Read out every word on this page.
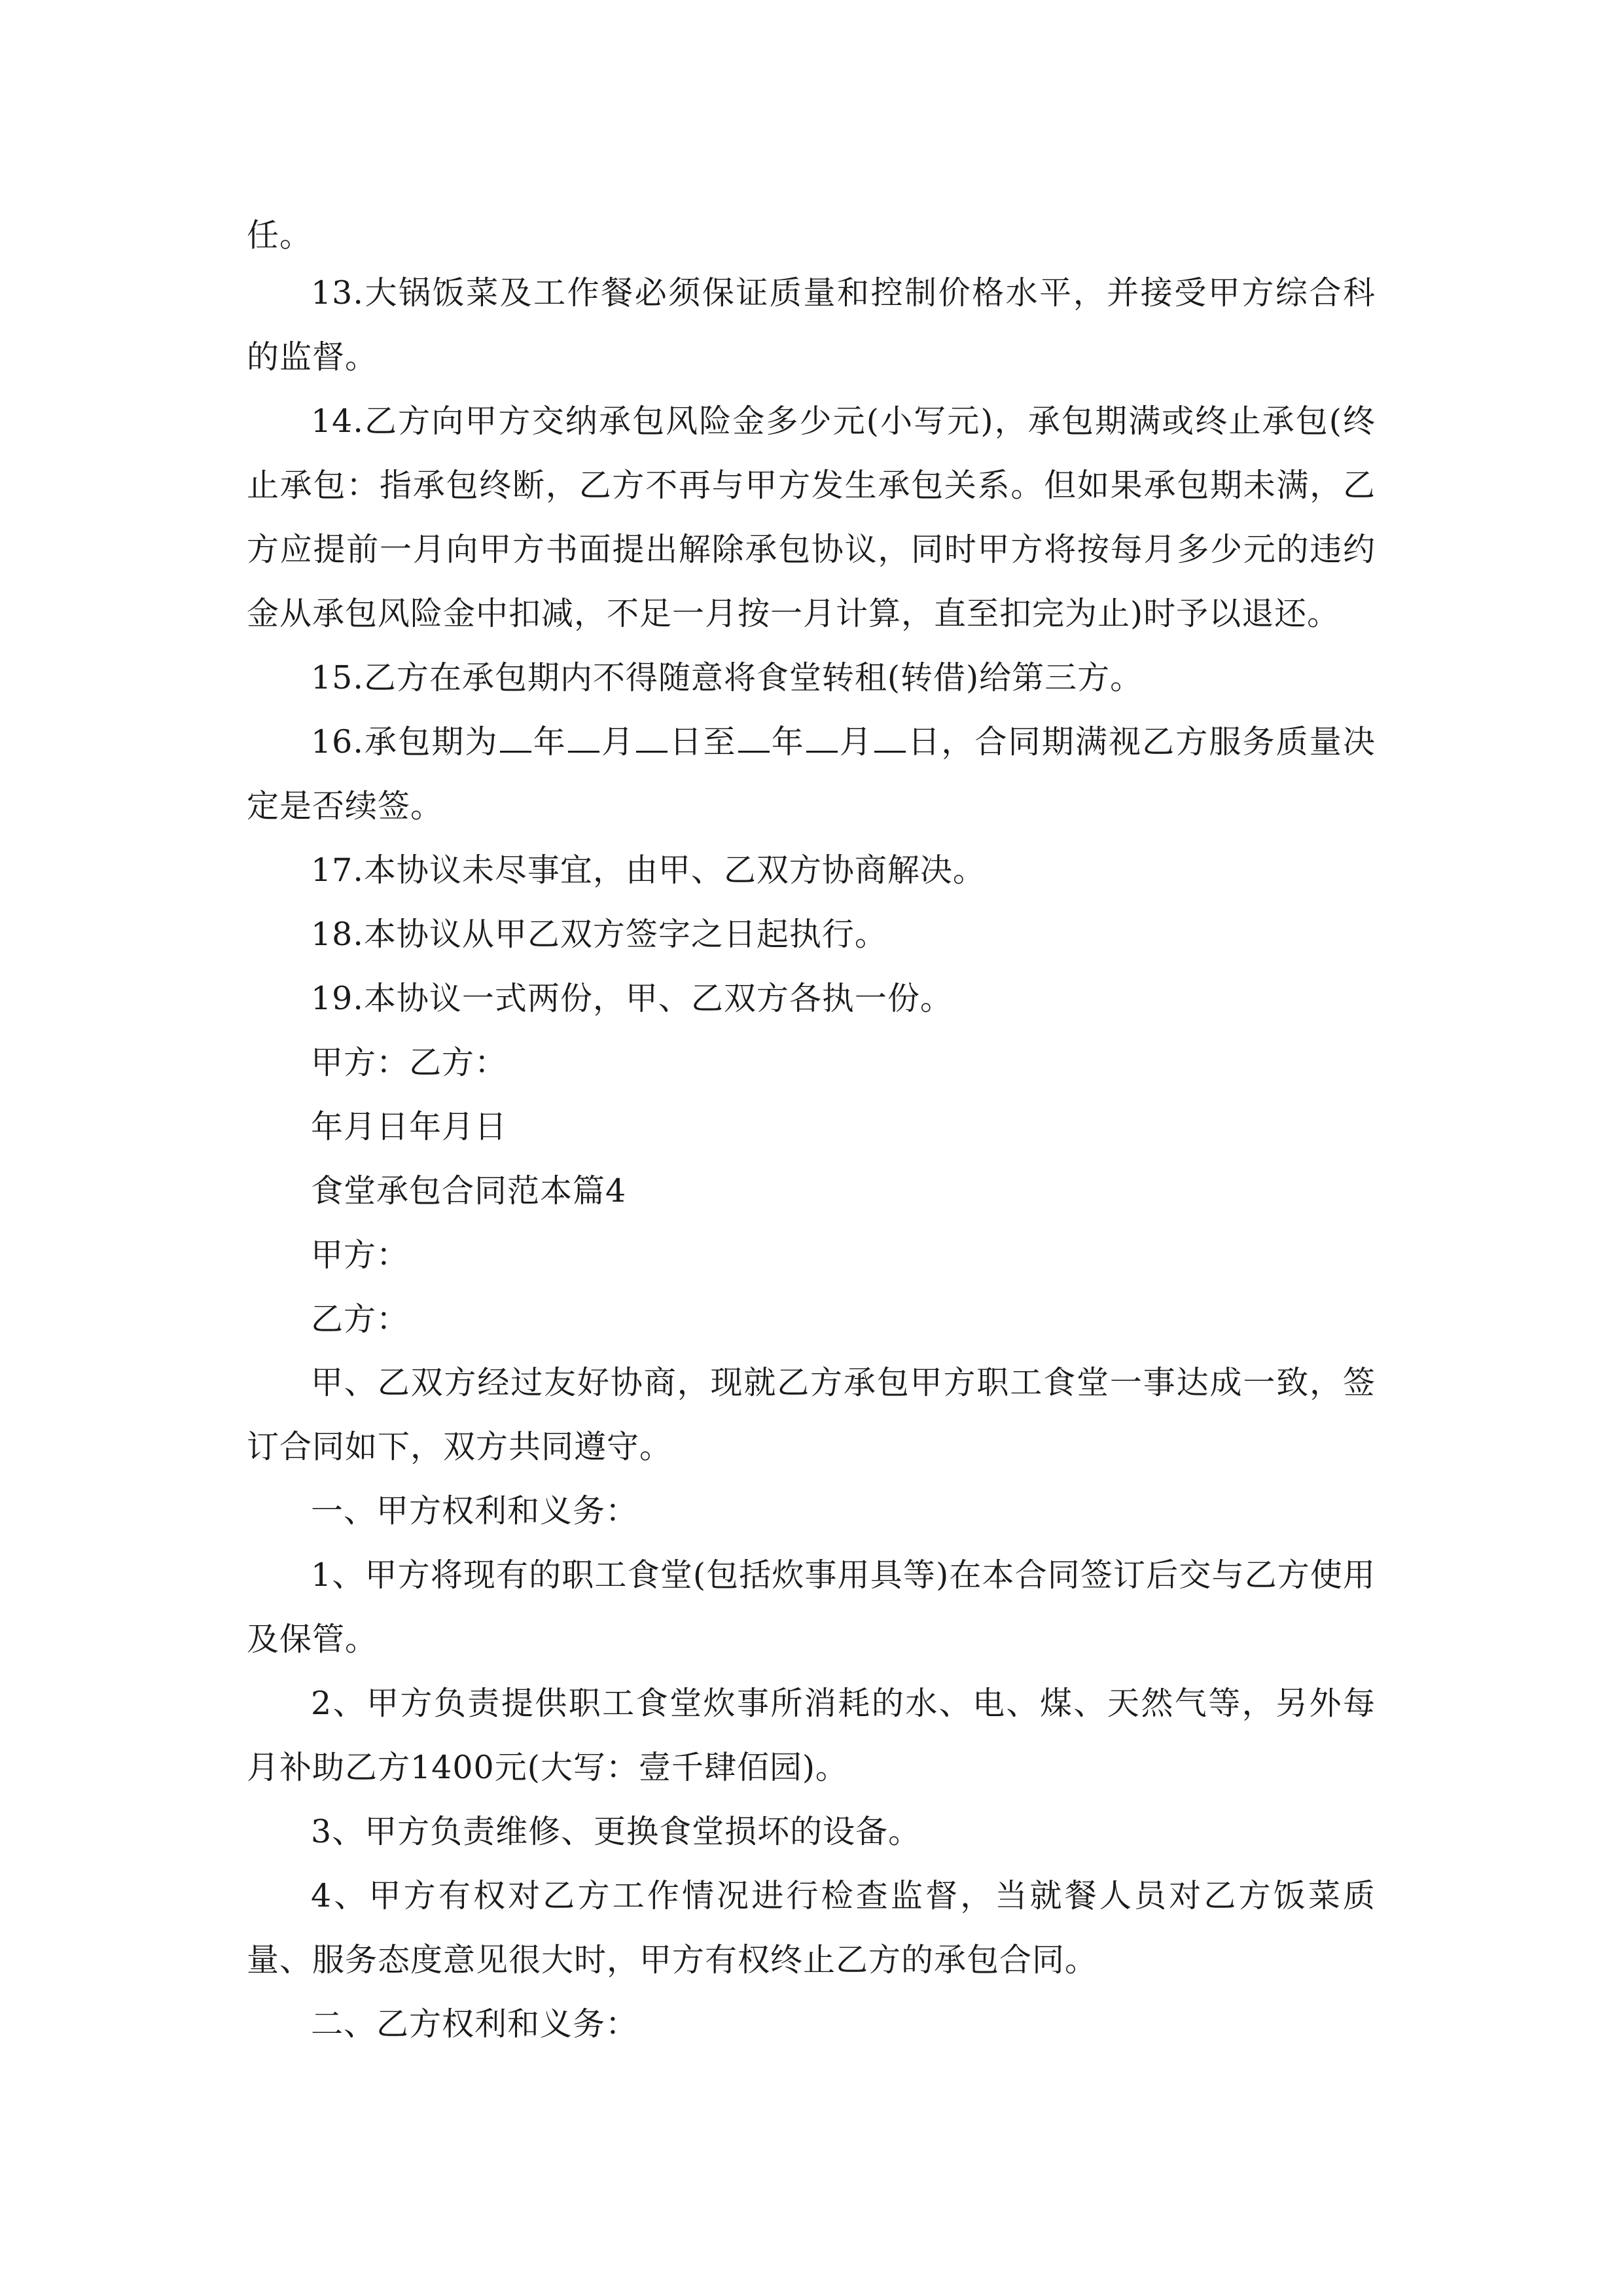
任。

13.大锅饭菜及工作餐必须保证质量和控制价格水平，并接受甲方综合科的监督。

14.乙方向甲方交纳承包风险金多少元(小写元)，承包期满或终止承包(终止承包：指承包终断，乙方不再与甲方发生承包关系。但如果承包期未满，乙方应提前一月向甲方书面提出解除承包协议，同时甲方将按每月多少元的违约金从承包风险金中扣减，不足一月按一月计算，直至扣完为止)时予以退还。

15.乙方在承包期内不得随意将食堂转租(转借)给第三方。

16.承包期为 年 月 日至 年 月 日，合同期满视乙方服务质量决定是否续签。

17.本协议未尽事宜，由甲、乙双方协商解决。

18.本协议从甲乙双方签字之日起执行。

19.本协议一式两份，甲、乙双方各执一份。

甲方：乙方：

年月日年月日

食堂承包合同范本篇4

甲方：

乙方：

甲、乙双方经过友好协商，现就乙方承包甲方职工食堂一事达成一致，签订合同如下，双方共同遵守。

一、甲方权利和义务：

1、甲方将现有的职工食堂(包括炊事用具等)在本合同签订后交与乙方使用及保管。

2、甲方负责提供职工食堂炊事所消耗的水、电、煤、天然气等，另外每月补助乙方1400元(大写：壹千肆佰园)。

3、甲方负责维修、更换食堂损坏的设备。

4、甲方有权对乙方工作情况进行检查监督，当就餐人员对乙方饭菜质量、服务态度意见很大时，甲方有权终止乙方的承包合同。

二、乙方权利和义务：
